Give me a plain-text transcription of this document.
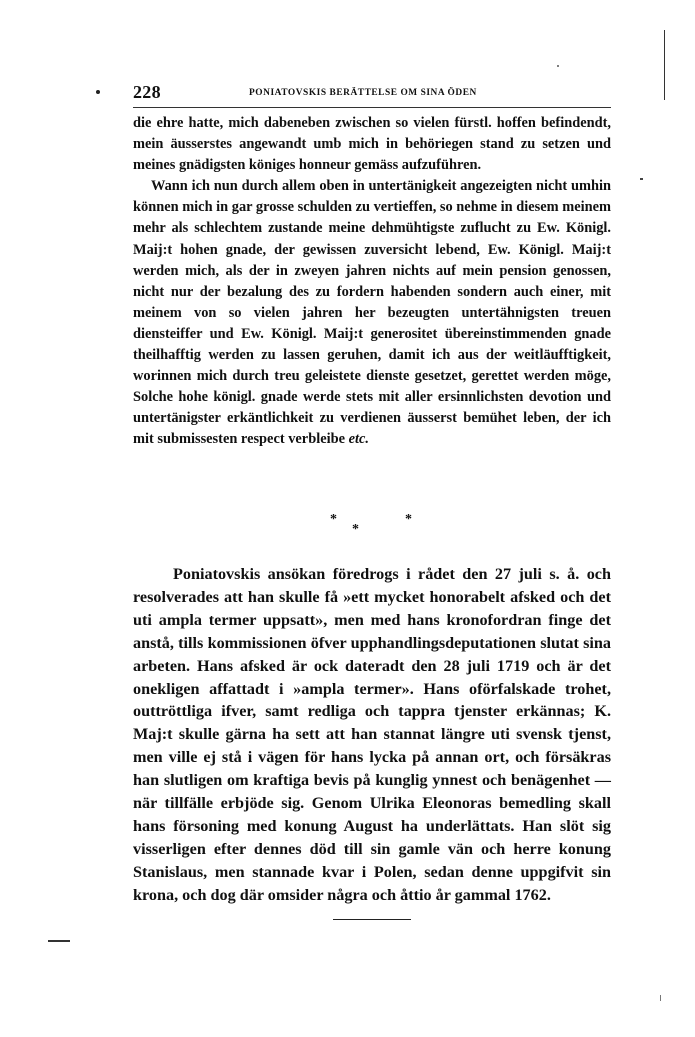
228	PONIATOVSKIS BERÄTTELSE OM SINA ÖDEN

die ehre hatte, mich dabeneben zwischen so vielen fürstl. hoffen befindendt, mein äusserstes angewandt umb mich in behöriegen stand zu setzen und meines gnädigsten königes honneur gemäss aufzuführen.

Wann ich nun durch allem oben in untertänigkeit angezeigten nicht umhin können mich in gar grosse schulden zu vertieffen, so nehme in diesem meinem mehr als schlechtem zustande meine dehmühtigste zuflucht zu Ew. Königl. Maij:t hohen gnade, der gewissen zuversicht lebend, Ew. Königl. Maij:t werden mich, als der in zweyen jahren nichts auf mein pension genossen, nicht nur der bezalung des zu fordern habenden sondern auch einer, mit meinem von so vielen jahren her bezeugten untertähnigsten treuen diensteiffer und Ew. Königl. Maij:t generositet übereinstimmenden gnade theilhafftig werden zu lassen geruhen, damit ich aus der weitläufftigkeit, worinnen mich durch treu geleistete dienste gesetzet, gerettet werden möge, Solche hohe königl. gnade werde stets mit aller ersinnlichsten devotion und untertänigster erkäntlichkeit zu verdienen äusserst bemühet leben, der ich mit submissesten respect verbleibe etc.

*
*
*

Poniatovskis ansökan föredrogs i rådet den 27 juli s. å. och resolverades att han skulle få »ett mycket honorabelt afsked och det uti ampla termer uppsatt», men med hans kronofordran finge det anstå, tills kommissionen öfver upphandlingsdeputationen slutat sina arbeten. Hans afsked är ock dateradt den 28 juli 1719 och är det onekligen affattadt i »ampla termer». Hans oförfalskade trohet, outtröttliga ifver, samt redliga och tappra tjenster erkännas; K. Maj:t skulle gärna ha sett att han stannat längre uti svensk tjenst, men ville ej stå i vägen för hans lycka på annan ort, och försäkras han slutligen om kraftiga bevis på kunglig ynnest och benägenhet — när tillfälle erbjöde sig. Genom Ulrika Eleonoras bemedling skall hans försoning med konung August ha underlättats. Han slöt sig visserligen efter dennes död till sin gamle vän och herre konung Stanislaus, men stannade kvar i Polen, sedan denne uppgifvit sin krona, och dog där omsider några och åttio år gammal 1762.
